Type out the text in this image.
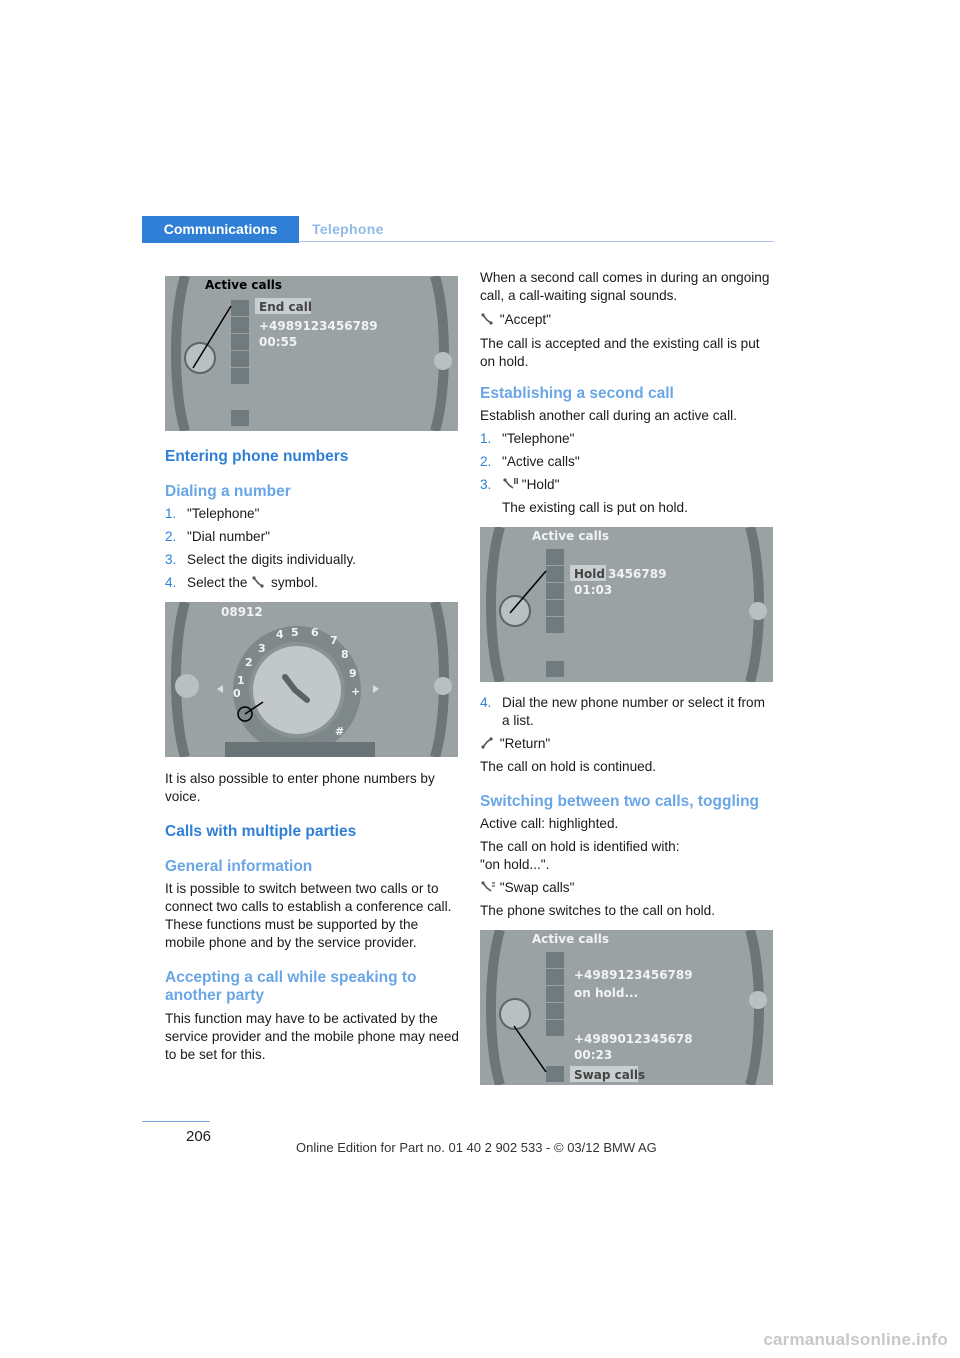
Communications	Telephone
Active calls
End call
+4989123456789
00:55
Entering phone numbers
Dialing a number
1. "Telephone"
2. "Dial number"
3. Select the digits individually.
4. Select the symbol.
08912
1
2
3
4 5 6
7
8
9
0	+
#

It is also possible to enter phone numbers by voice.

Calls with multiple parties
General information

It is possible to switch between two calls or to connect two calls to establish a conference call. These functions must be supported by the mobile phone and by the service provider.

Accepting a call while speaking to another party

This function may have to be activated by the service provider and the mobile phone may need to be set for this.

When a second call comes in during an ongoing call, a call-waiting signal sounds.

"Accept"

The call is accepted and the existing call is put on hold.

Establishing a second call

Establish another call during an active call.

1. "Telephone"
2. "Active calls"
3.	"Hold"
The existing call is put on hold.
Active calls
Hold 3456789
01:03
4. Dial the new phone number or select it from a list.

"Return"

The call on hold is continued.

Switching between two calls, toggling

Active call: highlighted.

The call on hold is identified with: "on hold...".

"Swap calls"

The phone switches to the call on hold.

Active calls
+4989123456789
on hold...
+4989012345678
00:23
Swap calls
206
Online Edition for Part no. 01 40 2 902 533 - © 03/12 BMW AG
carmanualsonline.info
